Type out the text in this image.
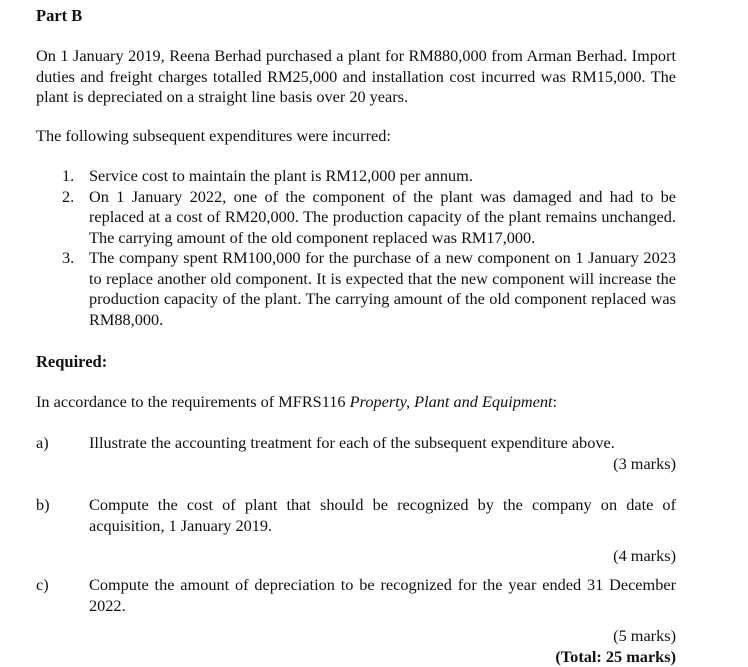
Part B
On 1 January 2019, Reena Berhad purchased a plant for RM880,000 from Arman Berhad. Import duties and freight charges totalled RM25,000 and installation cost incurred was RM15,000. The plant is depreciated on a straight line basis over 20 years.
The following subsequent expenditures were incurred:
1. Service cost to maintain the plant is RM12,000 per annum.
2. On 1 January 2022, one of the component of the plant was damaged and had to be replaced at a cost of RM20,000. The production capacity of the plant remains unchanged. The carrying amount of the old component replaced was RM17,000.
3. The company spent RM100,000 for the purchase of a new component on 1 January 2023 to replace another old component. It is expected that the new component will increase the production capacity of the plant. The carrying amount of the old component replaced was RM88,000.
Required:
In accordance to the requirements of MFRS116 Property, Plant and Equipment:
a) Illustrate the accounting treatment for each of the subsequent expenditure above.
(3 marks)
b) Compute the cost of plant that should be recognized by the company on date of acquisition, 1 January 2019.
(4 marks)
c) Compute the amount of depreciation to be recognized for the year ended 31 December 2022.
(5 marks)
(Total: 25 marks)
